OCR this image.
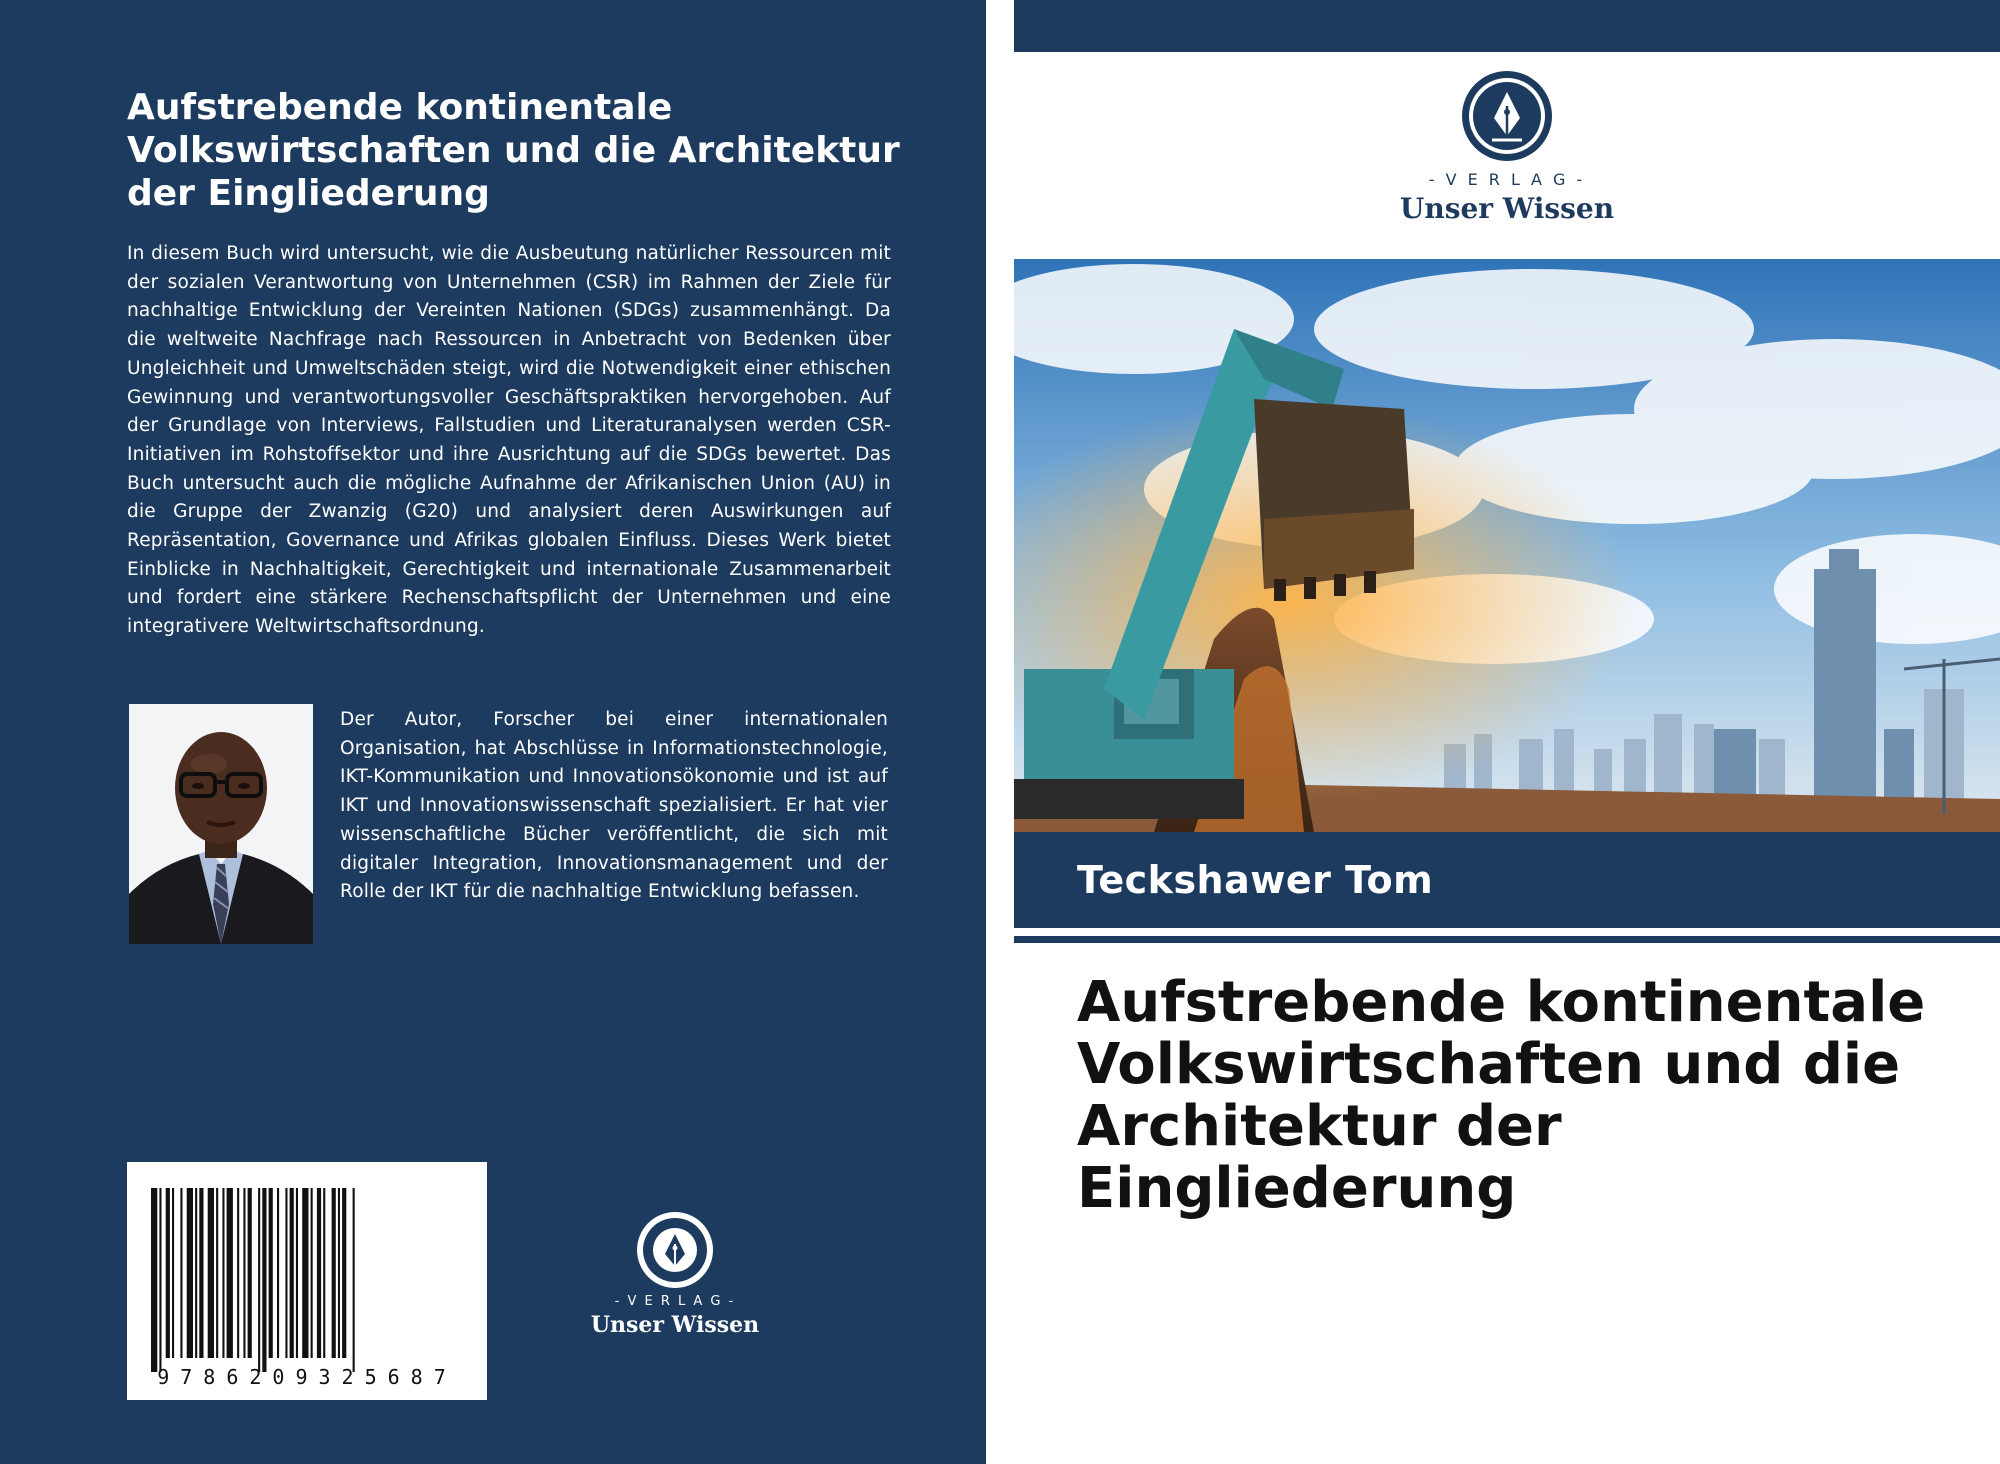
Aufstrebende kontinentale Volkswirtschaften und die Architektur der Eingliederung

In diesem Buch wird untersucht, wie die Ausbeutung natürlicher Ressourcen mit der sozialen Verantwortung von Unternehmen (CSR) im Rahmen der Ziele für nachhaltige Entwicklung der Vereinten Nationen (SDGs) zusammenhängt. Da die weltweite Nachfrage nach Ressourcen in Anbetracht von Bedenken über Ungleichheit und Umweltschäden steigt, wird die Notwendigkeit einer ethischen Gewinnung und verantwortungsvoller Geschäftspraktiken hervorgehoben. Auf der Grundlage von Interviews, Fallstudien und Literaturanalysen werden CSR-Initiativen im Rohstoffsektor und ihre Ausrichtung auf die SDGs bewertet. Das Buch untersucht auch die mögliche Aufnahme der Afrikanischen Union (AU) in die Gruppe der Zwanzig (G20) und analysiert deren Auswirkungen auf Repräsentation, Governance und Afrikas globalen Einfluss. Dieses Werk bietet Einblicke in Nachhaltigkeit, Gerechtigkeit und internationale Zusammenarbeit und fordert eine stärkere Rechenschaftspflicht der Unternehmen und eine integrativere Weltwirtschaftsordnung.

Der Autor, Forscher bei einer internationalen Organisation, hat Abschlüsse in Informationstechnologie, IKT-Kommunikation und Innovationsökonomie und ist auf IKT und Innovationswissenschaft spezialisiert. Er hat vier wissenschaftliche Bücher veröffentlicht, die sich mit digitaler Integration, Innovationsmanagement und der Rolle der IKT für die nachhaltige Entwicklung befassen.

9786209325687

- V E R L A G -

Unser Wissen

- V E R L A G -

Unser Wissen

Teckshawer Tom

Aufstrebende kontinentale Volkswirtschaften und die Architektur der Eingliederung
